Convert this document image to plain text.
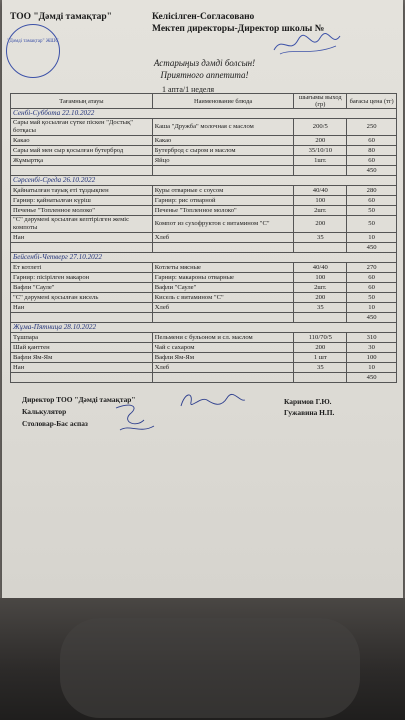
ТОО "Дәмді тамақтар"	Келісілген-Согласовано
Мектеп директоры-Директор школы №
"Дәмді тамақтар" ЖШС
Астарыңыз дәмді болсын!
Приятного аппетита!
1 апта/1 неделя
Тағамның атауы	Наименование блюда	шығымы выход (гр)	бағасы цена (тг)
Сенбі-Суббота 22.10.2022			
Сары май қосылған сүтке піскен "Достық" ботқасы	Каша "Дружба" молочная с маслом	200/5	250
Какао	Какао	200	60
Сары май мен сыр қосылған бутерброд	Бутерброд с сыром и маслом	35/10/10	80
Жұмыртқа	Яйцо	1шт.	60
			450
Сәрсенбі-Среда 26.10.2022			
Қайнатылған тауық еті тұздықпен	Куры отварные с соусом	40/40	280
Гарнир: қайнатылған күріш	Гарнир: рис отварной	100	60
Печенье "Топленное молоко"	Печенье "Топленное молоко"	2шт.	50
"С" дәрумені қосылған кептірілген жеміс компоты	Компот из сухофруктов с витамином "С"	200	50
Нан	Хлеб	35	10
			450
Бейсенбі-Четверг 27.10.2022			
Ет котлеті	Котлеты мясные	40/40	270
Гарнир: пісірілген макарон	Гарнир: макароны отварные	100	60
Вафли "Сауле"	Вафли "Сауле"	2шт.	60
"С" дәрумені қосылған кисель	Кисель с витамином "С"	200	50
Нан	Хлеб	35	10
			450
Жұма-Пятница 28.10.2022			
Тұшпара	Пельмени с бульоном и сл. маслом	110/70/5	310
Шай қанттен	Чай с сахаром	200	30
Вафли Ям-Ям	Вафли Ям-Ям	1 шт	100
Нан	Хлеб	35	10
			450
Директор ТОО "Дәмді тамақтар"
Калькулятор
Столовар-Бас аспаз
Каримов Г.Ю.
Гужавина Н.П.
